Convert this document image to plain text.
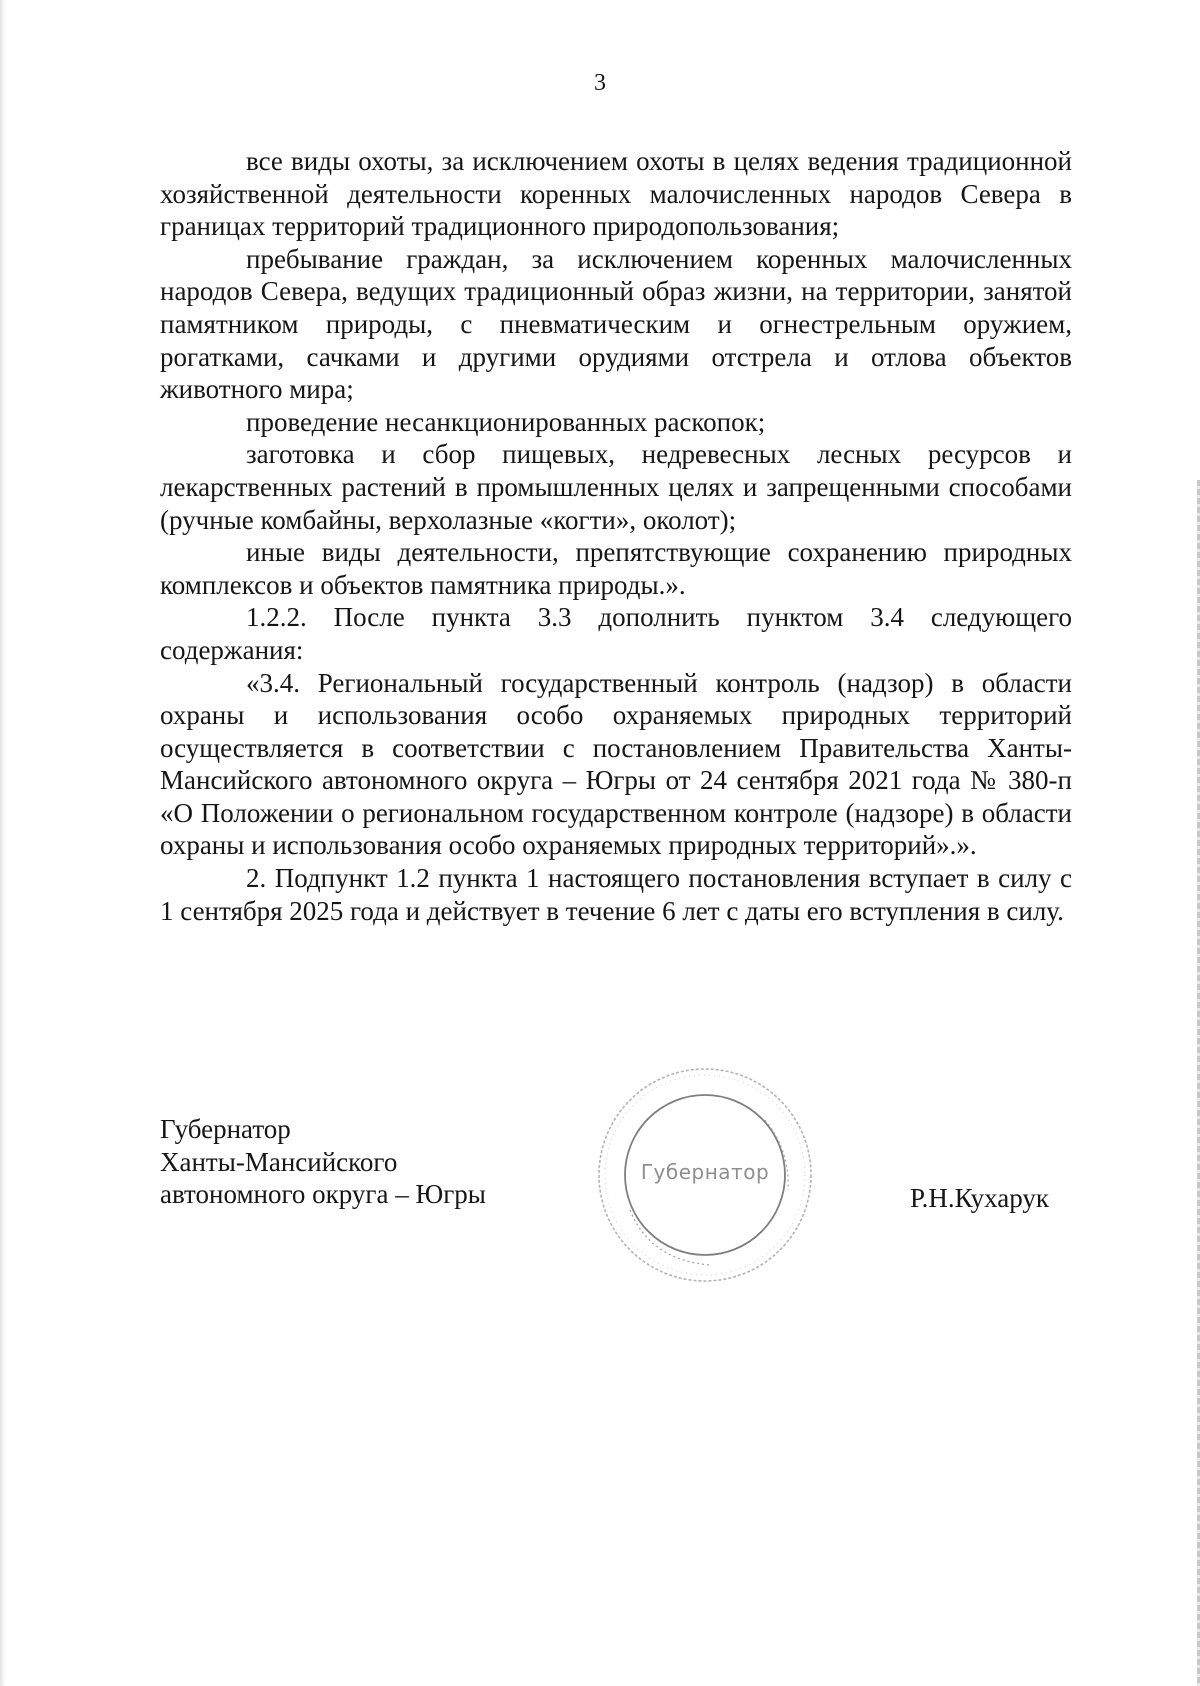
3

все виды охоты, за исключением охоты в целях ведения традиционной хозяйственной деятельности коренных малочисленных народов Севера в границах территорий традиционного природопользования;

пребывание граждан, за исключением коренных малочисленных народов Севера, ведущих традиционный образ жизни, на территории, занятой памятником природы, с пневматическим и огнестрельным оружием, рогатками, сачками и другими орудиями отстрела и отлова объектов животного мира;

проведение несанкционированных раскопок;

заготовка и сбор пищевых, недревесных лесных ресурсов и лекарственных растений в промышленных целях и запрещенными способами (ручные комбайны, верхолазные «когти», околот);

иные виды деятельности, препятствующие сохранению природных комплексов и объектов памятника природы.».

1.2.2. После пункта 3.3 дополнить пунктом 3.4 следующего содержания:

«3.4. Региональный государственный контроль (надзор) в области охраны и использования особо охраняемых природных территорий осуществляется в соответствии с постановлением Правительства Ханты-Мансийского автономного округа – Югры от 24 сентября 2021 года № 380-п «О Положении о региональном государственном контроле (надзоре) в области охраны и использования особо охраняемых природных территорий».».

2. Подпункт 1.2 пункта 1 настоящего постановления вступает в силу с 1 сентября 2025 года и действует в течение 6 лет с даты его вступления в силу.

Губернатор
Ханты-Мансийского
автономного округа – Югры
Губернатор
Р.Н.Кухарук
